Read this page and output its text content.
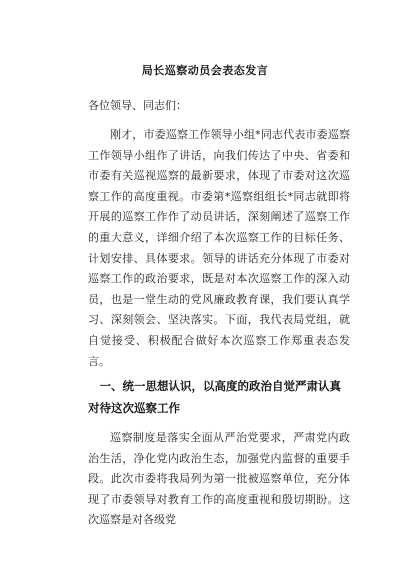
局长巡察动员会表态发言
各位领导、同志们：

刚才，市委巡察工作领导小组*同志代表市委巡察工作领导小组作了讲话，向我们传达了中央、省委和市委有关巡视巡察的最新要求，体现了市委对这次巡察工作的高度重视。市委第*巡察组组长*同志就即将开展的巡察工作作了动员讲话，深刻阐述了巡察工作的重大意义，详细介绍了本次巡察工作的目标任务、计划安排、具体要求。领导的讲话充分体现了市委对巡察工作的政治要求，既是对本次巡察工作的深入动员，也是一堂生动的党风廉政教育课，我们要认真学习、深刻领会、坚决落实。下面，我代表局党组，就自觉接受、积极配合做好本次巡察工作郑重表态发言。

一、统一思想认识，以高度的政治自觉严肃认真对待这次巡察工作

巡察制度是落实全面从严治党要求，严肃党内政治生活，净化党内政治生态，加强党内监督的重要手段。此次市委将我局列为第一批被巡察单位，充分体现了市委领导对教育工作的高度重视和殷切期盼。这次巡察是对各级党
